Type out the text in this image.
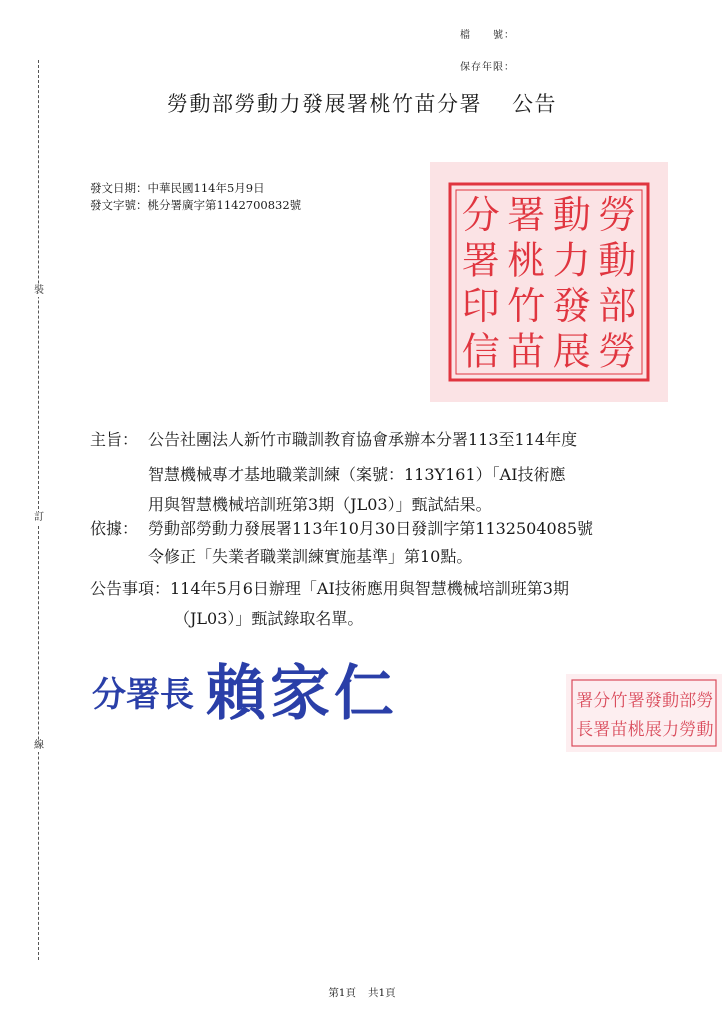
裝
訂
線
檔　　號：
保存年限：
勞動部勞動力發展署桃竹苗分署 公告
發文日期：中華民國114年5月9日
發文字號：桃分署廣字第1142700832號	勞
動
部
勞
動
力
發
展
署
桃
竹
苗
分
署
印
信
主旨： 公告社團法人新竹市職訓教育協會承辦本分署113至114年度
智慧機械專才基地職業訓練（案號：113Y161）「AI技術應
用與智慧機械培訓班第3期（JL03）」甄試結果。
依據： 勞動部勞動力發展署113年10月30日發訓字第1132504085號
令修正「失業者職業訓練實施基準」第10點。
公告事項： 114年5月6日辦理「AI技術應用與智慧機械培訓班第3期
（JL03）」甄試錄取名單。
分署長 賴家仁	勞
動
部
勞
動
力
發
展
署
桃
竹
苗
分
署
署
長
第1頁 共1頁
